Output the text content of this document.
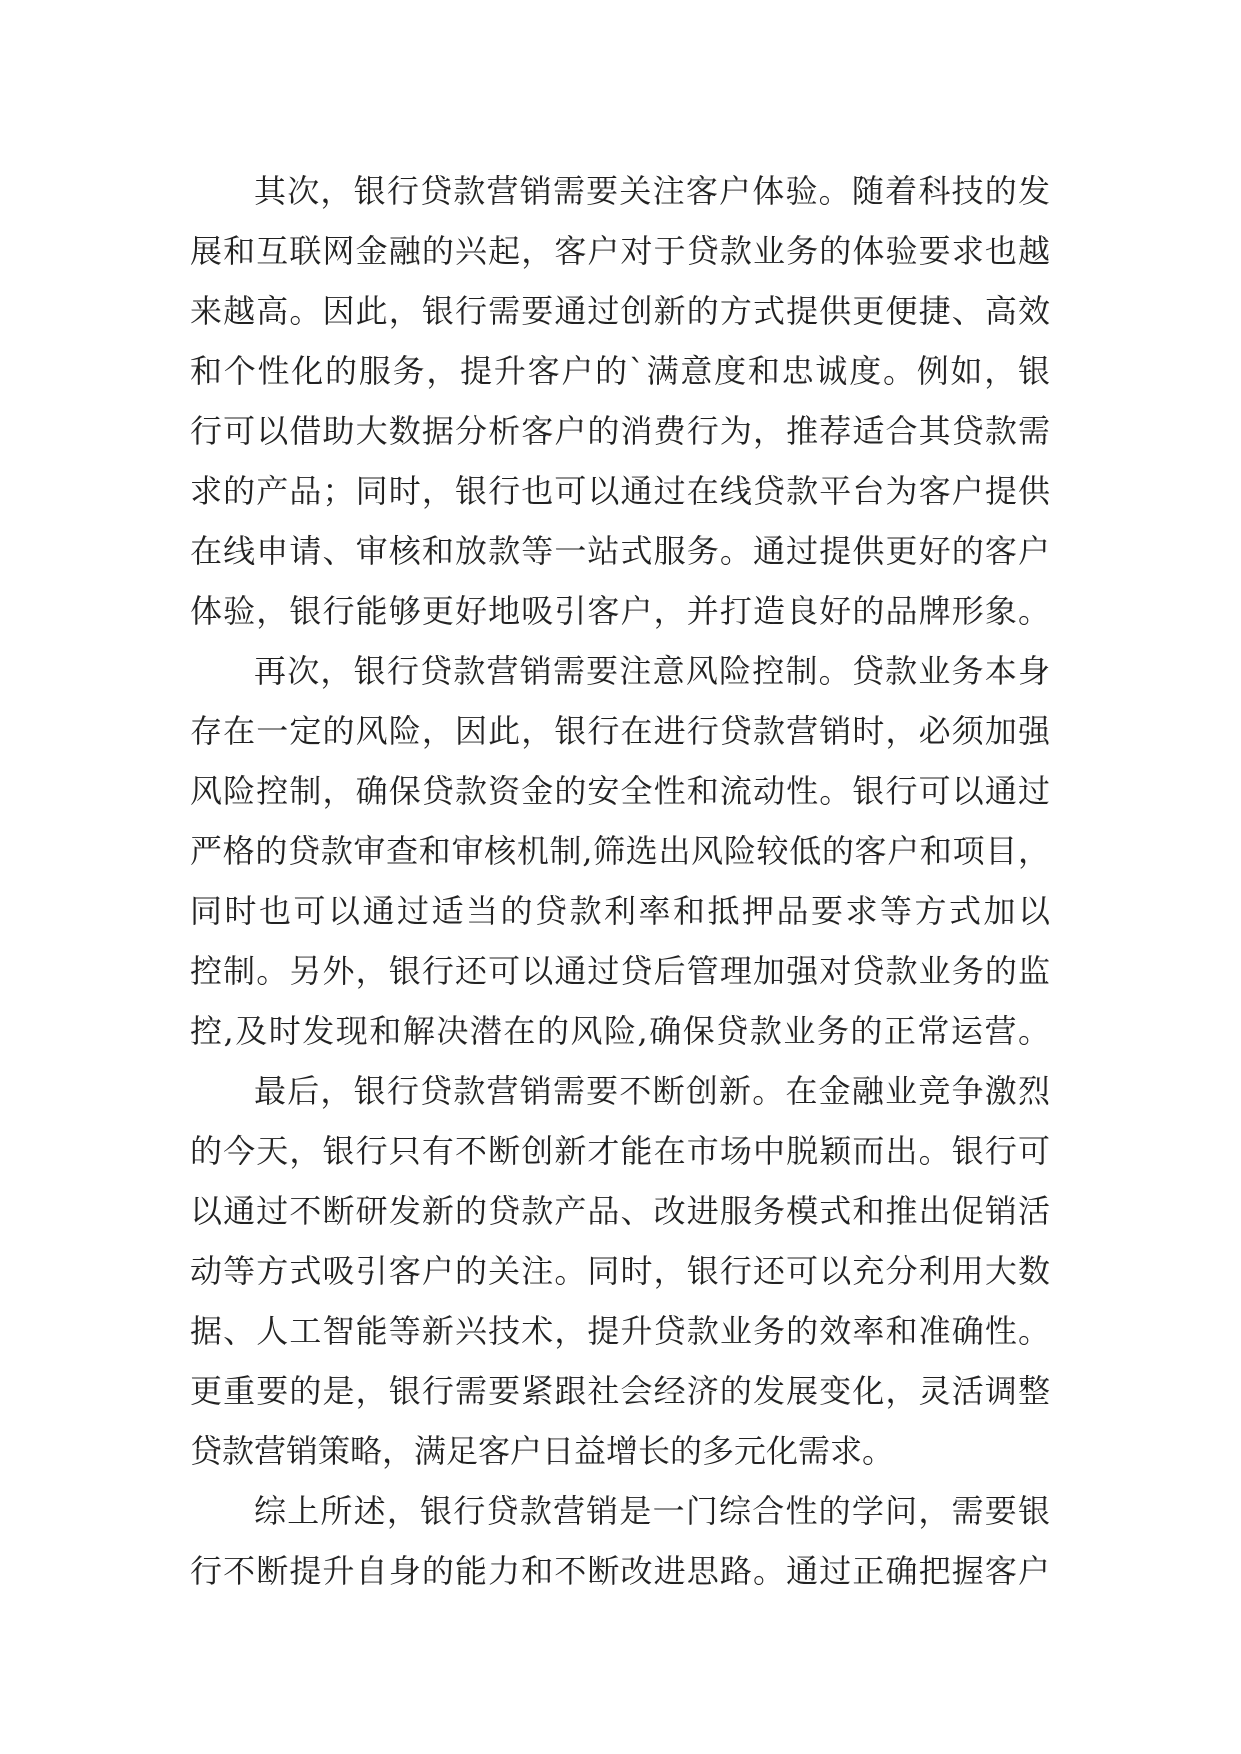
其次，银行贷款营销需要关注客户体验。随着科技的发
展和互联网金融的兴起，客户对于贷款业务的体验要求也越
来越高。因此，银行需要通过创新的方式提供更便捷、高效
和个性化的服务，提升客户的`满意度和忠诚度。例如，银
行可以借助大数据分析客户的消费行为，推荐适合其贷款需
求的产品；同时，银行也可以通过在线贷款平台为客户提供
在线申请、审核和放款等一站式服务。通过提供更好的客户
体验，银行能够更好地吸引客户，并打造良好的品牌形象。
再次，银行贷款营销需要注意风险控制。贷款业务本身
存在一定的风险，因此，银行在进行贷款营销时，必须加强
风险控制，确保贷款资金的安全性和流动性。银行可以通过
严格的贷款审查和审核机制,筛选出风险较低的客户和项目，
同时也可以通过适当的贷款利率和抵押品要求等方式加以
控制。另外，银行还可以通过贷后管理加强对贷款业务的监
控,及时发现和解决潜在的风险,确保贷款业务的正常运营。
最后，银行贷款营销需要不断创新。在金融业竞争激烈
的今天，银行只有不断创新才能在市场中脱颖而出。银行可
以通过不断研发新的贷款产品、改进服务模式和推出促销活
动等方式吸引客户的关注。同时，银行还可以充分利用大数
据、人工智能等新兴技术，提升贷款业务的效率和准确性。
更重要的是，银行需要紧跟社会经济的发展变化，灵活调整
贷款营销策略，满足客户日益增长的多元化需求。
综上所述，银行贷款营销是一门综合性的学问，需要银
行不断提升自身的能力和不断改进思路。通过正确把握客户
